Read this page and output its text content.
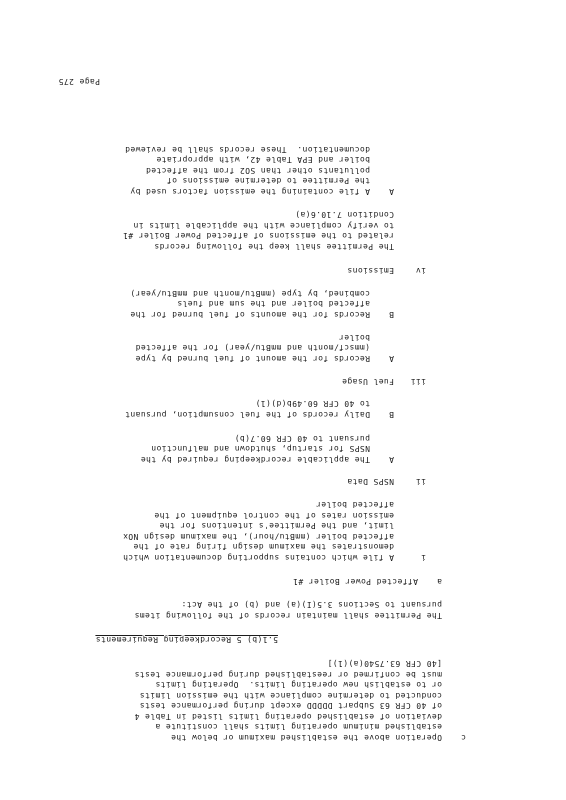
c
Operation above the established maximum or below the
established minimum operating limits shall constitute a
deviation of established operating limits listed in Table 4
of 40 CFR 63 Subpart DDDDD except during performance tests
conducted to determine compliance with the emission limits
or to establish new operating limits.  Operating limits
must be confirmed or reestablished during performance tests
[40 CFR 63.7540(a)(1)]
5.1(b) 5 Recordkeeping Requirements
The Permittee shall maintain records of the following items
pursuant to Sections 3.5(I)(a) and (b) of the Act:
a
Affected Power Boiler #1
i
A file which contains supporting documentation which
demonstrates the maximum design firing rate of the
affected boiler (mmBtu/hour), the maximum design NOx
limit, and the Permittee's intentions for the
emission rates of the control equipment of the
affected boiler
ii
NSPS Data
A
The applicable recordkeeping required by the
NSPS for startup, shutdown and malfunction
pursuant to 40 CFR 60.7(b)
B
Daily records of the fuel consumption, pursuant
to 40 CFR 60.49b(d)(1)
iii
Fuel Usage
A
Records for the amount of fuel burned by type
(mmscf/month and mmBtu/year) for the affected
boiler
B
Records for the amounts of fuel burned for the
affected boiler and the sum and fuels
combined, by type (mmBtu/month and mmBtu/year)
iv
Emissions
The Permittee shall keep the following records
related to the emissions of affected Power Boiler #1
to verify compliance with the applicable limits in
Condition 7.10.6(a)
A
A file containing the emission factors used by
the Permittee to determine emissions of
pollutants other than SO2 from the affected
boiler and EPA Table 42, with appropriate
documentation.  These records shall be reviewed
Page 275
